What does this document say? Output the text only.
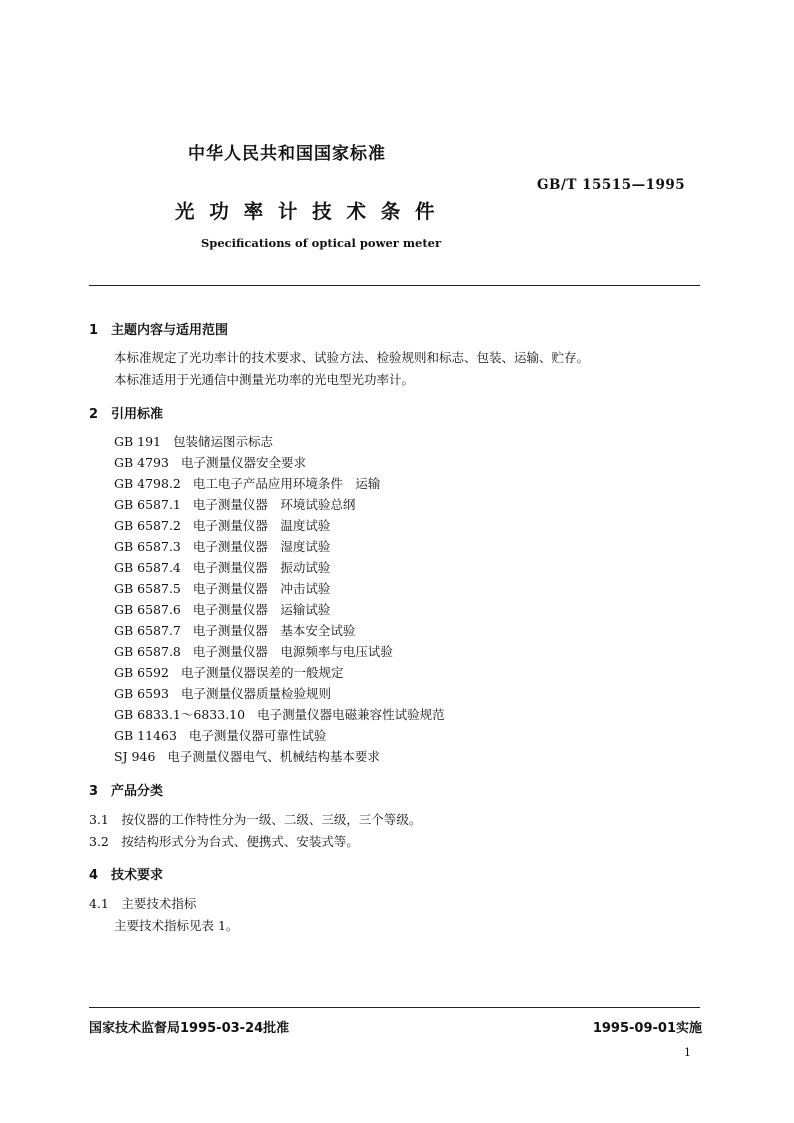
中华人民共和国国家标准
GB/T 15515—1995
光 功 率 计 技 术 条 件
Specifications of optical power meter
1　主题内容与适用范围
本标准规定了光功率计的技术要求、试验方法、检验规则和标志、包装、运输、贮存。
本标准适用于光通信中测量光功率的光电型光功率计。
2　引用标准
GB 191 包装储运图示标志
GB 4793 电子测量仪器安全要求
GB 4798.2 电工电子产品应用环境条件　运输
GB 6587.1 电子测量仪器　环境试验总纲
GB 6587.2 电子测量仪器　温度试验
GB 6587.3 电子测量仪器　湿度试验
GB 6587.4 电子测量仪器　振动试验
GB 6587.5 电子测量仪器　冲击试验
GB 6587.6 电子测量仪器　运输试验
GB 6587.7 电子测量仪器　基本安全试验
GB 6587.8 电子测量仪器　电源频率与电压试验
GB 6592 电子测量仪器误差的一般规定
GB 6593 电子测量仪器质量检验规则
GB 6833.1～6833.10 电子测量仪器电磁兼容性试验规范
GB 11463 电子测量仪器可靠性试验
SJ 946 电子测量仪器电气、机械结构基本要求
3　产品分类
3.1　按仪器的工作特性分为一级、二级、三级，三个等级。
3.2　按结构形式分为台式、便携式、安装式等。
4　技术要求
4.1　主要技术指标
主要技术指标见表 1。
国家技术监督局1995-03-24批准	1995-09-01实施
1
